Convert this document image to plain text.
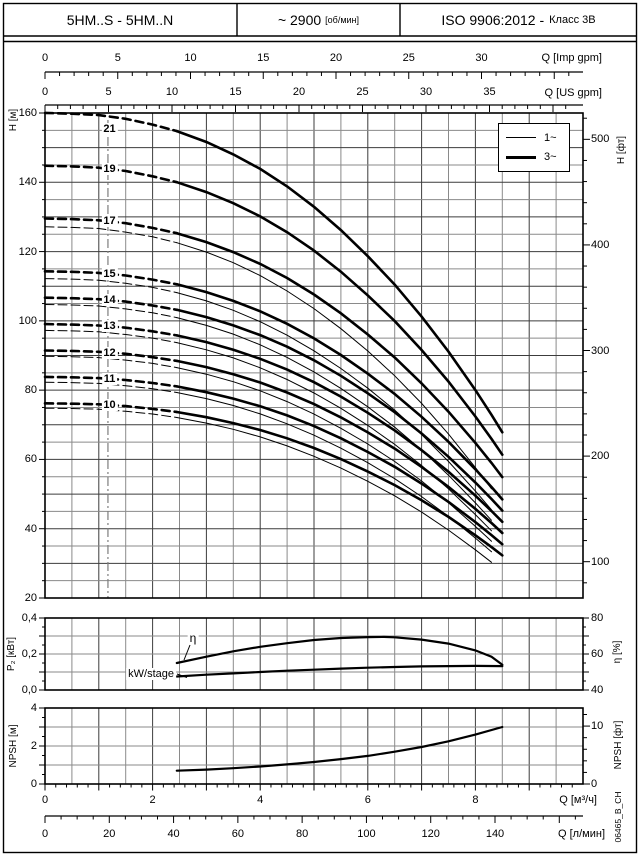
5HM..S - 5HM..N	~ 2900 [об/мин]	ISO 9906:2012 - Класс 3В
Q [Imp gpm]
Q [US gpm]
Q [м³/ч]
Q [л/мин]
H [м]
H [фт]
P₂ [кВт]	η [%]
NPSH [м]	NPSH [фт]
06465_B_CH
1~
3~
η
kW/stage
0	5	10	15	20	25	30
0	5	10	15	20	25	30	35
0	2	4	6	8
0	20	40	60	80	100	120	140
160
140
120
100
80
60
40
20
500
400
300
200
100
0,4
0,2
0,0
80
60
40
4
2
0
10
0
21
19
17
15
14
13
12
11
10
